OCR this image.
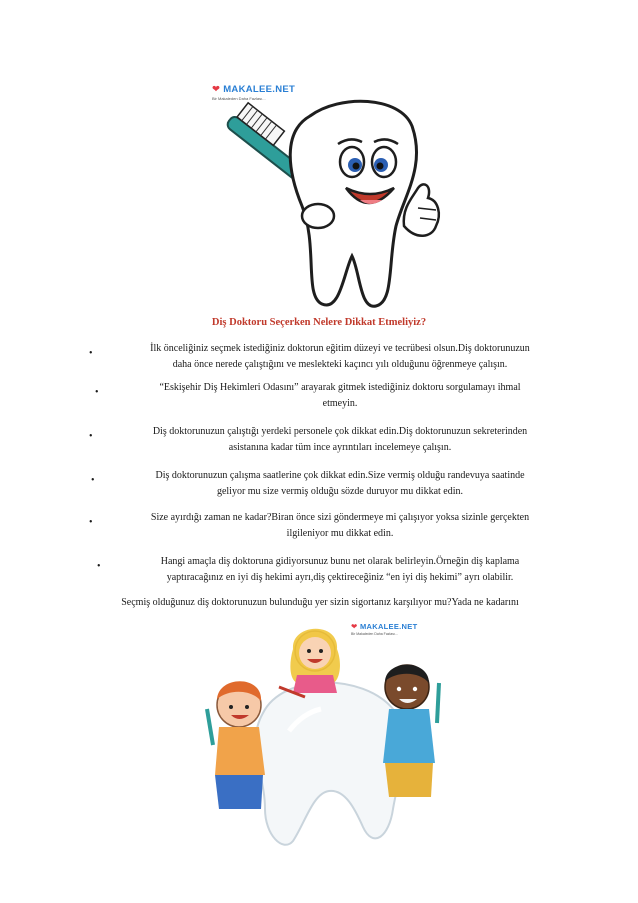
❤ MAKALEE.NET
Bir Makaleden Daha Fazlası...
Diş Doktoru Seçerken Nelere Dikkat Etmeliyiz?
•	İlk önceliğiniz seçmek istediğiniz doktorun eğitim düzeyi ve tecrübesi olsun.Diş doktorunuzun
daha önce nerede çalıştığını ve meslekteki kaçıncı yılı olduğunu öğrenmeye çalışın.
•	“Eskişehir Diş Hekimleri Odasını” arayarak gitmek istediğiniz doktoru sorgulamayı ihmal
etmeyin.
•	Diş doktorunuzun çalıştığı yerdeki personele çok dikkat edin.Diş doktorunuzun sekreterinden
asistanına kadar tüm ince ayrıntıları incelemeye çalışın.
•	Diş doktorunuzun çalışma saatlerine çok dikkat edin.Size vermiş olduğu randevuya saatinde
geliyor mu size vermiş olduğu sözde duruyor mu dikkat edin.
•	Size ayırdığı zaman ne kadar?Biran önce sizi göndermeye mi çalışıyor yoksa sizinle gerçekten
ilgileniyor mu dikkat edin.
•	Hangi amaçla diş doktoruna gidiyorsunuz bunu net olarak belirleyin.Örneğin diş kaplama
yaptıracağınız en iyi diş hekimi ayrı,diş çektireceğiniz “en iyi diş hekimi” ayrı olabilir.
Seçmiş olduğunuz diş doktorunuzun bulunduğu yer sizin sigortanız karşılıyor mu?Yada ne kadarını
❤ MAKALEE.NET
Bir Makaleden Daha Fazlası...
